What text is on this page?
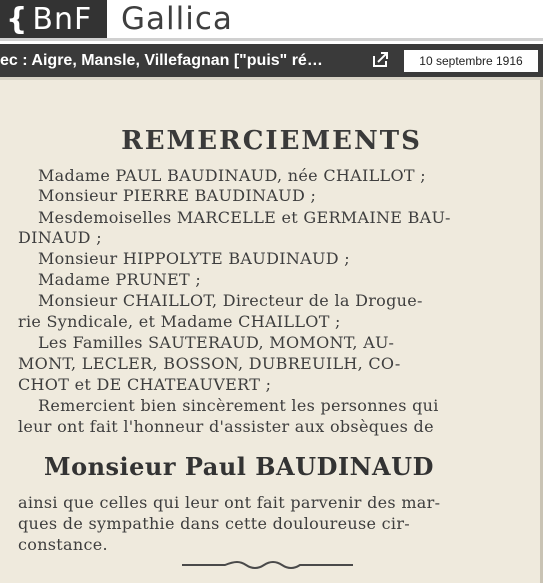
{ BnF Gallica
ec : Aigre, Mansle, Villefagnan ["puis" ré…	10 septembre 1916
REMERCIEMENTS
Madame PAUL BAUDINAUD, née CHAILLOT ;
Monsieur PIERRE BAUDINAUD ;
Mesdemoiselles MARCELLE et GERMAINE BAU-
DINAUD ;
Monsieur HIPPOLYTE BAUDINAUD ;
Madame PRUNET ;
Monsieur CHAILLOT, Directeur de la Drogue-
rie Syndicale, et Madame CHAILLOT ;
Les Familles SAUTERAUD, MOMONT, AU-
MONT, LECLER, BOSSON, DUBREUILH, CO-
CHOT et DE CHATEAUVERT ;
Remercient bien sincèrement les personnes qui
leur ont fait l'honneur d'assister aux obsèques de
Monsieur Paul BAUDINAUD
ainsi que celles qui leur ont fait parvenir des mar-
ques de sympathie dans cette douloureuse cir-
constance.
